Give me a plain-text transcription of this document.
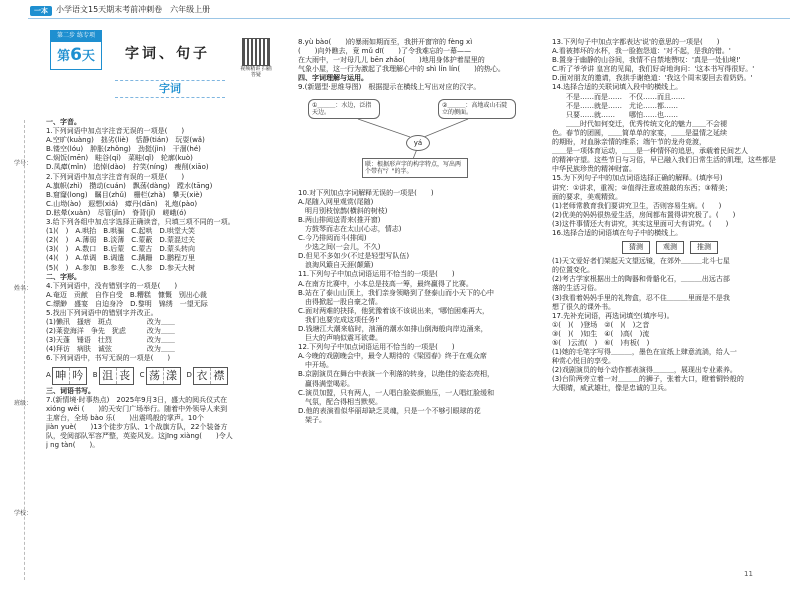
一本	小学语文15天期末考前冲刺卷　六年级上册
第二步 练专项
第6天	字词、句子
视频精讲 扫描答疑
字词
学号：
姓名：
班级：
学校：
一、字音。
1.下列词语中加点字注音无误的一项是(　　)
A.空旷(kuàng)　拙劣(liè)　恬静(tián)　玩耍(wǎ)
B.镂空(lóu)　肿胀(zhǒng)　劲挺(jìn)　干涸(hé)
C.焖饭(mēn)　畦谷(qí)　菜畦(qǐ)　轮廓(kuò)
D.凤瘴(mǐn)　追悼(dào)　拧笑(níng)　瘦削(xiāo)
2.下列词语中加点字注音有误的一项是(　　)
A.旗帜(zhì)　攒动(cuán)　飘荡(dàng)　蹚水(tāng)
B.窟窿(long)　瞩目(zhǔ)　栅栏(zhà)　攀天(xiè)
C.山坳(ào)　遐想(xiá)　瘴丹(dān)　礼炮(pào)
D.眩晕(xuàn)　尽管(jǐn)　脊背(jǐ)　嵯峨(ó)
3.给下列各组中加点字选择正确读音，只填三项不同的一项。
(1)(　)　A.哄抬　B.哄骗　C.起哄　D.哄堂大笑
(2)(　)　A.薄弱　B.淡薄　C.蒙蔽　D.蒙混过关
(3)(　)　A.数口　B.后蒙　C.蒙古　D.蒙头转向
(4)(　)　A.单调　B.调遣　C.蹒跚　D.鹏程万里
(5)(　)　A.参加　B.参差　C.人参　D.参天大树
二、字形。
4.下列词语中，没有错别字的一项是(　　)
A.奄迈　贡献　自作自受　B.糟糕　慷慨　别出心裁
C.缥緲　盛宴　自迫身冷　D.黎明　锦绣　一望无际
5.找出下列词语中的错别字并改正。
(1)懒汛　搔痞　斑点　　　　　改为＿＿
(2)莱瓷海洋　争先　犹虑　　　改为＿＿
(3)天蓬　锤语　壮烈　　　　　改为＿＿
(4)拜访　病肤　诚弦　　　　　改为＿＿
6.下列词语中，书写无误的一项是(　　)
A 呻 吟	B 沮 丧	C 荡 漾	D 衣 襟
三、词语书写。
7.(新情境·时事热点)　2025年9月3日，盛大的阅兵仪式在
xióng wěi (　　)的天安门广场举行。随着中外领导人来到
主席台，全场 bào 乐(　　)出震鸣般的掌声。10个
jiàn yuè(　　)13个徒步方队、1个战旗方队，22个装备方
队，受阅部队军容严整，英姿风发。这jīng xiàng(　　)令人
j ng tàn(　　)。
8.yù bào(　　)的暴雨如期而至，我拼开窗帘的 fèng xì
(　　)向外瞧去，竟 mǔ dī(　　)了令我难忘的一幕——
在大雨中，一对母几儿 bēn zhǎo(　　)地用身体护着屋里的
气象小屋，这一行为激起了我理解心中的 shì lín lín(　　)的热心。
四、字词理解与运用。
9.(新题型·思维导图)　根据提示在横线上写出对应的汉字。
①＿＿＿：水边，泛指天边。
②＿＿＿：高地或山石陡立的侧面。
yá
联：根据形声字的构字特点，写出两个带有"氵"的字。
10.对下列加点字词解释无误的一项是(　　)
A.尾随入网里观赏(尾随)
　明月别枝惊鹊(横斜的树枝)
B.两山排闼送青来(推开窗)
　方鼓琴而志在太山(心志，情志)
C.今乃排闼而斗(排闼)
　少选之间(一会儿，不久)
D.但见不多如少(不过是轻型写队伍)
　浪淘风簸自天涯(颠簸)
11.下列句子中加点词语运用不恰当的一项是(　　)
A.在南方比赛中，小本总是技高一筹，最终赢得了比赛。
B.站在了泰山山顶上，我们亲身领略到了登泰山而小天下的心中
　由得掀起一股自豪之情。
C.面对两难的抉择，他犹豫着该不该说出来，'哪怕困难再大，
　我们也要完成这项任务!'
D.钱塘江大潮来临时，汹涌的潮水如排山倒海般向岸边涌来，
　巨大的声响似震耳欲聋。
12.下列句子中加点词语运用不恰当的一项是(　　)
A.今晚的戏剧晚会中，最令人期待的《梁园春》终于在观众席
　中开场。
B.京剧演员在舞台中表演一个利落的转身，以绝佳的姿态亮相，
　赢得满堂喝彩。
C.演员加盟，只有两人，一人唱白脸姿颜施压，一人唱红脸缓和
　气氛，配合得相当默契。
D.他的表演看似华丽却缺乏灵魂，只是一个不够引眼球的花
　架子。
13.下列句子中加点字都表达'说'的意思的一项是(　　)
A.看被摔坏的水杯，我一脸抱怨道：'对不起，是我的错。'
B.置身于幽静的山谷间，我情不自禁地赞叹：'真是一处仙境!'
C.听了爷爷讲 皇宫的见闻，我们好奇地询问：'这本书写得很好。'
D.面对朋友的邀请，我拱手谢绝道：'我这个周末要回去看奶奶。'
14.选择合适的关联词填入段中的横线上。
不是……而是……　不仅……而且……
不是……就是……　尤论……都……
只要……就……　　哪怕……也……
　　＿＿时代如何变迁，优秀传统文化的魅力＿＿不会褪
色。春节的团圆，＿＿简单单的家宴，＿＿是温情之延续
的期盼，对血脉亲情的维系；端午节的龙舟竞渡，
＿＿是一项体育运动，＿＿是一种情怀的追思，承载着民间艺人
的精神守望。这些节日与习俗，早已融入我们日常生活的肌理，这些都是
中华民族珍贵的精神财富。
15.为下列句子中的加点词语选择正确的解释。(填序号)
讲究：①讲求，重视；②值得注意或推敲的东西；③精美；
面的要求，美观精致。
(1)老师常教育我们要讲究卫生，否则容易生病。(　　)
(2)优美的妈妈很热爱生活，房间都布置得讲究极了。(　　)
(3)这件事情还大有讲究，其实这里面可大有讲究。(　　)
16.选择合适的词语填在句子中的横线上。
猜测	观测	推测
(1)天文爱好者们架起天文望远镜，在郊外＿＿＿北斗七星
的位置变化。
(2)考古学家根据出土的陶器和骨骼化石，＿＿＿出远古部
落的生活习俗。
(3)我看着妈妈手里的礼物盒，忍不住＿＿＿里面是不是我
想了很久的课外书。
17.先补充词语，再选词填空(填序号)。
①(　)(　)登场　②(　)(　)之音
③(　)(　)如生　④(　)高(　)流
⑤(　)云流(　)　⑥(　)有板(　)
(1)她的毛笔字写得＿＿＿，墨色在宣纸上肆意流淌，给人一
种赏心悦目的享受。
(2)戏剧演员的每个动作都表演得＿＿＿，展现出专业素养。
(3)台阶两旁立着一对＿＿＿的狮子，张着大口，瞪着铜铃般的
大眼睛，威武雄壮，像是忠诚的卫兵。
11
